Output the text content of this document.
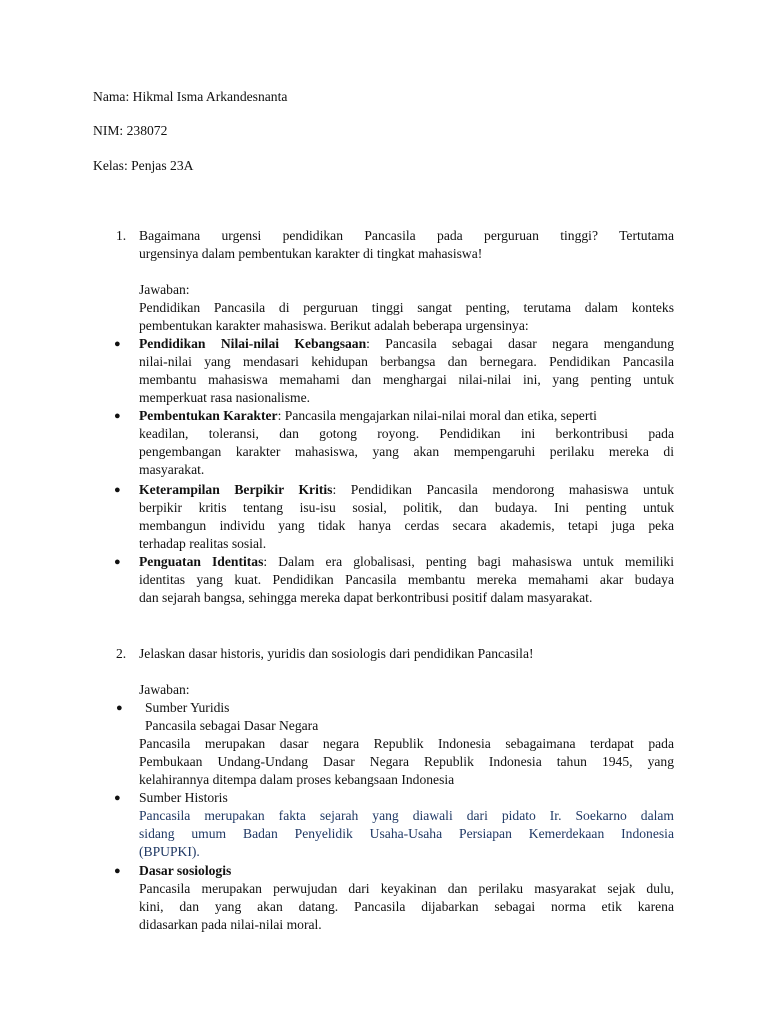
Nama: Hikmal Isma Arkandesnanta
NIM: 238072
Kelas: Penjas 23A
1. Bagaimana urgensi pendidikan Pancasila pada perguruan tinggi? Tertutama
urgensinya dalam pembentukan karakter di tingkat mahasiswa!
Jawaban:
Pendidikan Pancasila di perguruan tinggi sangat penting, terutama dalam konteks
pembentukan karakter mahasiswa. Berikut adalah beberapa urgensinya:
● Pendidikan Nilai-nilai Kebangsaan: Pancasila sebagai dasar negara mengandung
nilai-nilai yang mendasari kehidupan berbangsa dan bernegara. Pendidikan Pancasila
membantu mahasiswa memahami dan menghargai nilai-nilai ini, yang penting untuk
memperkuat rasa nasionalisme.
● Pembentukan Karakter: Pancasila mengajarkan nilai-nilai moral dan etika, seperti
keadilan, toleransi, dan gotong royong. Pendidikan ini berkontribusi pada
pengembangan karakter mahasiswa, yang akan mempengaruhi perilaku mereka di
masyarakat.
● Keterampilan Berpikir Kritis: Pendidikan Pancasila mendorong mahasiswa untuk
berpikir kritis tentang isu-isu sosial, politik, dan budaya. Ini penting untuk
membangun individu yang tidak hanya cerdas secara akademis, tetapi juga peka
terhadap realitas sosial.
● Penguatan Identitas: Dalam era globalisasi, penting bagi mahasiswa untuk memiliki
identitas yang kuat. Pendidikan Pancasila membantu mereka memahami akar budaya
dan sejarah bangsa, sehingga mereka dapat berkontribusi positif dalam masyarakat.
2. Jelaskan dasar historis, yuridis dan sosiologis dari pendidikan Pancasila!
Jawaban:
● Sumber Yuridis
Pancasila sebagai Dasar Negara
Pancasila merupakan dasar negara Republik Indonesia sebagaimana terdapat pada
Pembukaan Undang-Undang Dasar Negara Republik Indonesia tahun 1945, yang
kelahirannya ditempa dalam proses kebangsaan Indonesia
● Sumber Historis
Pancasila merupakan fakta sejarah yang diawali dari pidato Ir. Soekarno dalam
sidang umum Badan Penyelidik Usaha-Usaha Persiapan Kemerdekaan Indonesia
(BPUPKI).
● Dasar sosiologis
Pancasila merupakan perwujudan dari keyakinan dan perilaku masyarakat sejak dulu,
kini, dan yang akan datang. Pancasila dijabarkan sebagai norma etik karena
didasarkan pada nilai-nilai moral.
